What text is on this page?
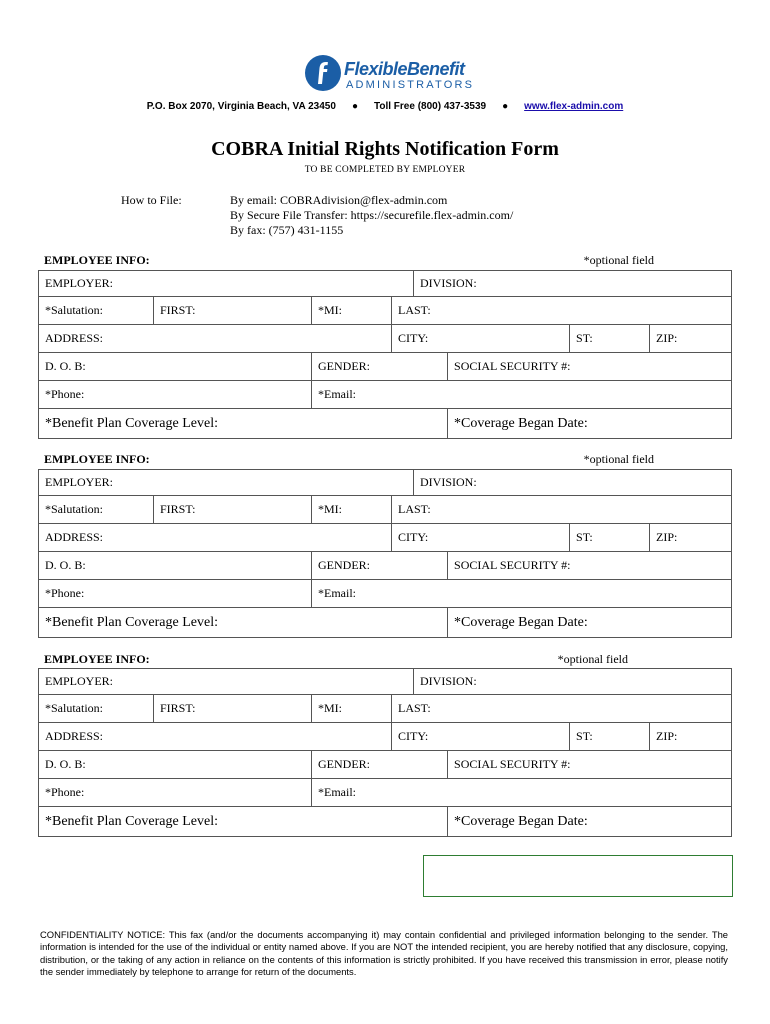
FlexibleBenefit
ADMINISTRATORS
P.O. Box 2070, Virginia Beach, VA 23450 ● Toll Free (800) 437-3539 ● www.flex-admin.com
COBRA Initial Rights Notification Form
TO BE COMPLETED BY EMPLOYER
How to File:	By email: COBRAdivision@flex-admin.com
By Secure File Transfer: https://securefile.flex-admin.com/
By fax: (757) 431-1155
EMPLOYEE INFO:	*optional field
EMPLOYER:				DIVISION:			
*Salutation:	FIRST:	*MI:	LAST:				
ADDRESS:			CITY:			ST:	ZIP:
D. O. B:		GENDER:			SOCIAL SECURITY #:		
*Phone:		*Email:					
*Benefit Plan Coverage Level:					*Coverage Began Date:		
EMPLOYEE INFO:	*optional field
EMPLOYER:				DIVISION:			
*Salutation:	FIRST:	*MI:	LAST:				
ADDRESS:			CITY:			ST:	ZIP:
D. O. B:		GENDER:			SOCIAL SECURITY #:		
*Phone:		*Email:					
*Benefit Plan Coverage Level:					*Coverage Began Date:		
EMPLOYEE INFO:	*optional field
EMPLOYER:				DIVISION:			
*Salutation:	FIRST:	*MI:	LAST:				
ADDRESS:			CITY:			ST:	ZIP:
D. O. B:		GENDER:			SOCIAL SECURITY #:		
*Phone:		*Email:					
*Benefit Plan Coverage Level:					*Coverage Began Date:		
CONFIDENTIALITY NOTICE: This fax (and/or the documents accompanying it) may contain confidential and privileged information belonging to the sender. The information is intended for the use of the individual or entity named above. If you are NOT the intended recipient, you are hereby notified that any disclosure, copying, distribution, or the taking of any action in reliance on the contents of this information is strictly prohibited. If you have received this transmission in error, please notify the sender immediately by telephone to arrange for return of the documents.
